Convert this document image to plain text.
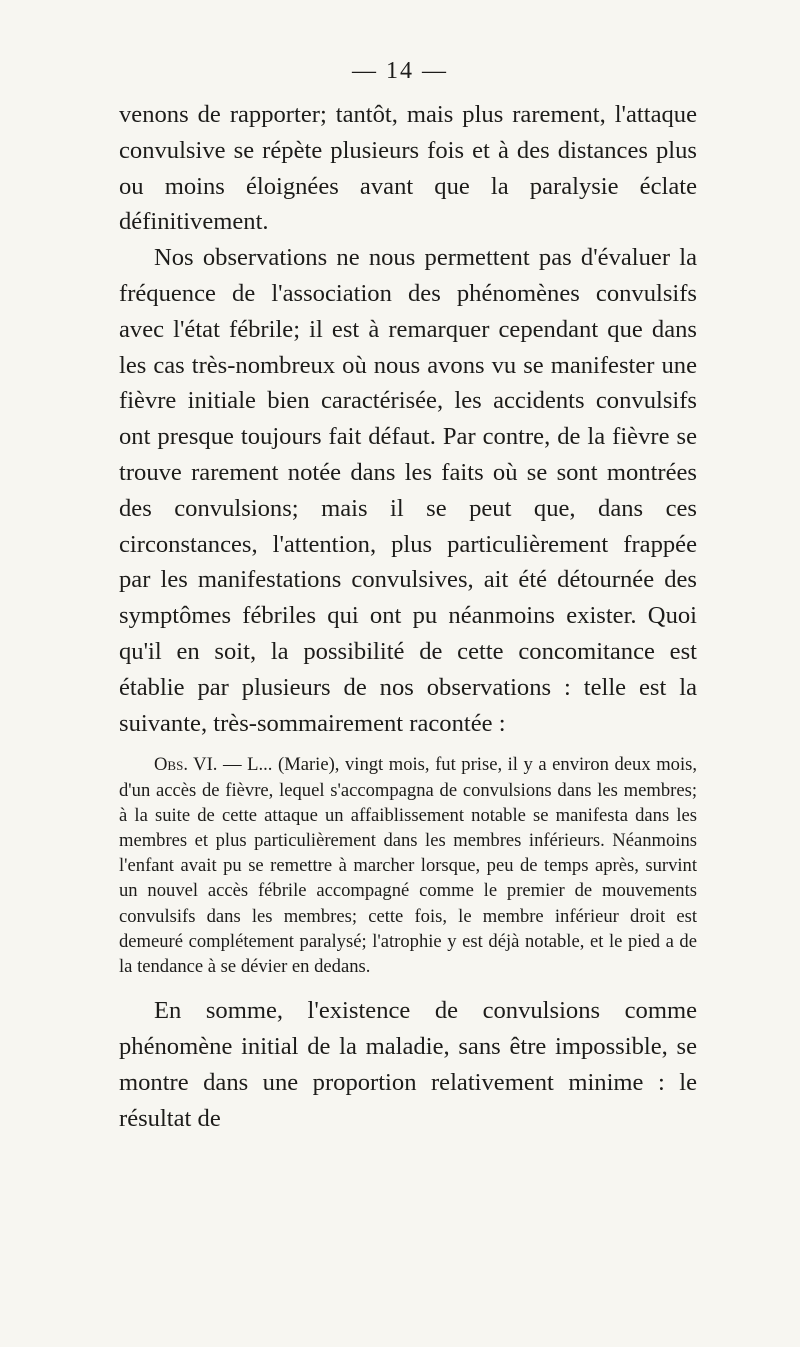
— 14 —

venons de rapporter; tantôt, mais plus rarement, l'attaque convulsive se répète plusieurs fois et à des distances plus ou moins éloignées avant que la paralysie éclate définitivement.

Nos observations ne nous permettent pas d'évaluer la fréquence de l'association des phénomènes convulsifs avec l'état fébrile; il est à remarquer cependant que dans les cas très-nombreux où nous avons vu se manifester une fièvre initiale bien caractérisée, les accidents convulsifs ont presque toujours fait défaut. Par contre, de la fièvre se trouve rarement notée dans les faits où se sont montrées des convulsions; mais il se peut que, dans ces circonstances, l'attention, plus particulièrement frappée par les manifestations convulsives, ait été détournée des symptômes fébriles qui ont pu néanmoins exister. Quoi qu'il en soit, la possibilité de cette concomitance est établie par plusieurs de nos observations : telle est la suivante, très-sommairement racontée :

Obs. VI. — L... (Marie), vingt mois, fut prise, il y a environ deux mois, d'un accès de fièvre, lequel s'accompagna de convulsions dans les membres; à la suite de cette attaque un affaiblissement notable se manifesta dans les membres et plus particulièrement dans les membres inférieurs. Néanmoins l'enfant avait pu se remettre à marcher lorsque, peu de temps après, survint un nouvel accès fébrile accompagné comme le premier de mouvements convulsifs dans les membres; cette fois, le membre inférieur droit est demeuré complétement paralysé; l'atrophie y est déjà notable, et le pied a de la tendance à se dévier en dedans.

En somme, l'existence de convulsions comme phénomène initial de la maladie, sans être impossible, se montre dans une proportion relativement minime : le résultat de
